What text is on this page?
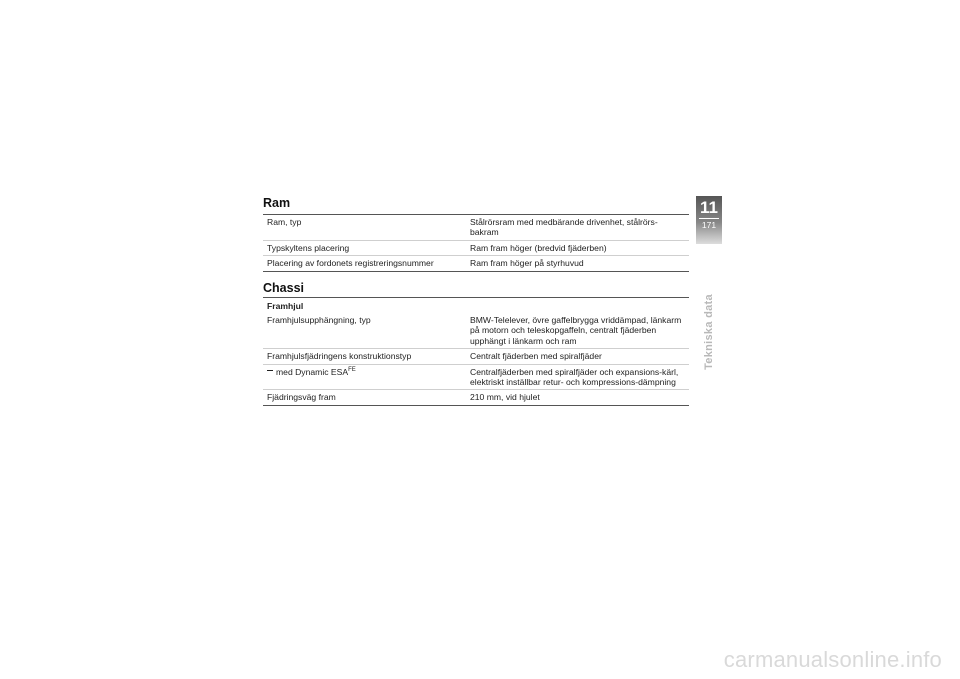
Ram
Ram, typ	Stålrörsram med medbärande drivenhet, stålrörs-bakram
Typskyltens placering	Ram fram höger (bredvid fjäderben)
Placering av fordonets registreringsnummer	Ram fram höger på styrhuvud
Chassi
Framhjul
Framhjulsupphängning, typ	BMW-Telelever, övre gaffelbrygga vriddämpad, länkarm på motorn och teleskopgaffeln, centralt fjäderben upphängt i länkarm och ram
Framhjulsfjädringens konstruktionstyp	Centralt fjäderben med spiralfjäder
med Dynamic $ESA^{FE}$	Centralfjäderben med spiralfjäder och expansions-kärl, elektriskt inställbar retur- och kompressions-dämpning
Fjädringsväg fram	210 mm, vid hjulet
11
171
Tekniska data
carmanualsonline.info
